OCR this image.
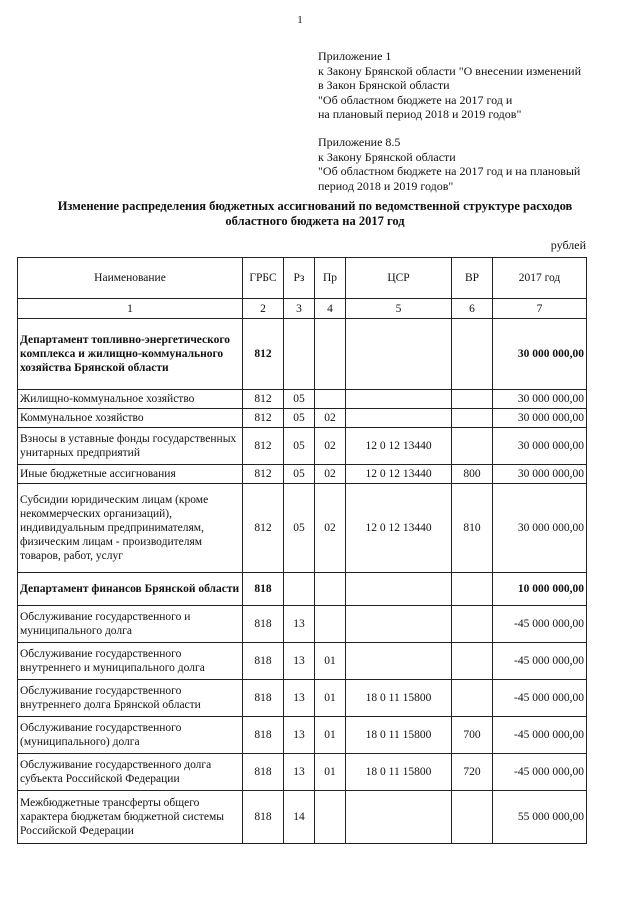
1
Приложение 1
к Закону Брянской области "О внесении изменений
в Закон Брянской области
"Об областном бюджете на 2017 год и
на плановый период 2018 и 2019 годов"
Приложение 8.5
к Закону Брянской области
"Об областном бюджете на 2017 год и на плановый
период 2018 и 2019 годов"
Изменение распределения бюджетных ассигнований по ведомственной структуре расходов
областного бюджета на 2017 год
рублей
Наименование	ГРБС	Рз	Пр	ЦСР	ВР	2017 год
1	2	3	4	5	6	7
Департамент топливно-энергетического комплекса и жилищно-коммунального хозяйства Брянской области	812					30 000 000,00
Жилищно-коммунальное хозяйство	812	05				30 000 000,00
Коммунальное хозяйство	812	05	02			30 000 000,00
Взносы в уставные фонды государственных унитарных предприятий	812	05	02	12 0 12 13440		30 000 000,00
Иные бюджетные ассигнования	812	05	02	12 0 12 13440	800	30 000 000,00
Субсидии юридическим лицам (кроме некоммерческих организаций), индивидуальным предпринимателям, физическим лицам - производителям товаров, работ, услуг	812	05	02	12 0 12 13440	810	30 000 000,00
Департамент финансов Брянской области	818					10 000 000,00
Обслуживание государственного и муниципального долга	818	13				-45 000 000,00
Обслуживание государственного внутреннего и муниципального долга	818	13	01			-45 000 000,00
Обслуживание государственного внутреннего долга Брянской области	818	13	01	18 0 11 15800		-45 000 000,00
Обслуживание государственного (муниципального) долга	818	13	01	18 0 11 15800	700	-45 000 000,00
Обслуживание государственного долга субъекта Российской Федерации	818	13	01	18 0 11 15800	720	-45 000 000,00
Межбюджетные трансферты общего характера бюджетам бюджетной системы Российской Федерации	818	14				55 000 000,00
